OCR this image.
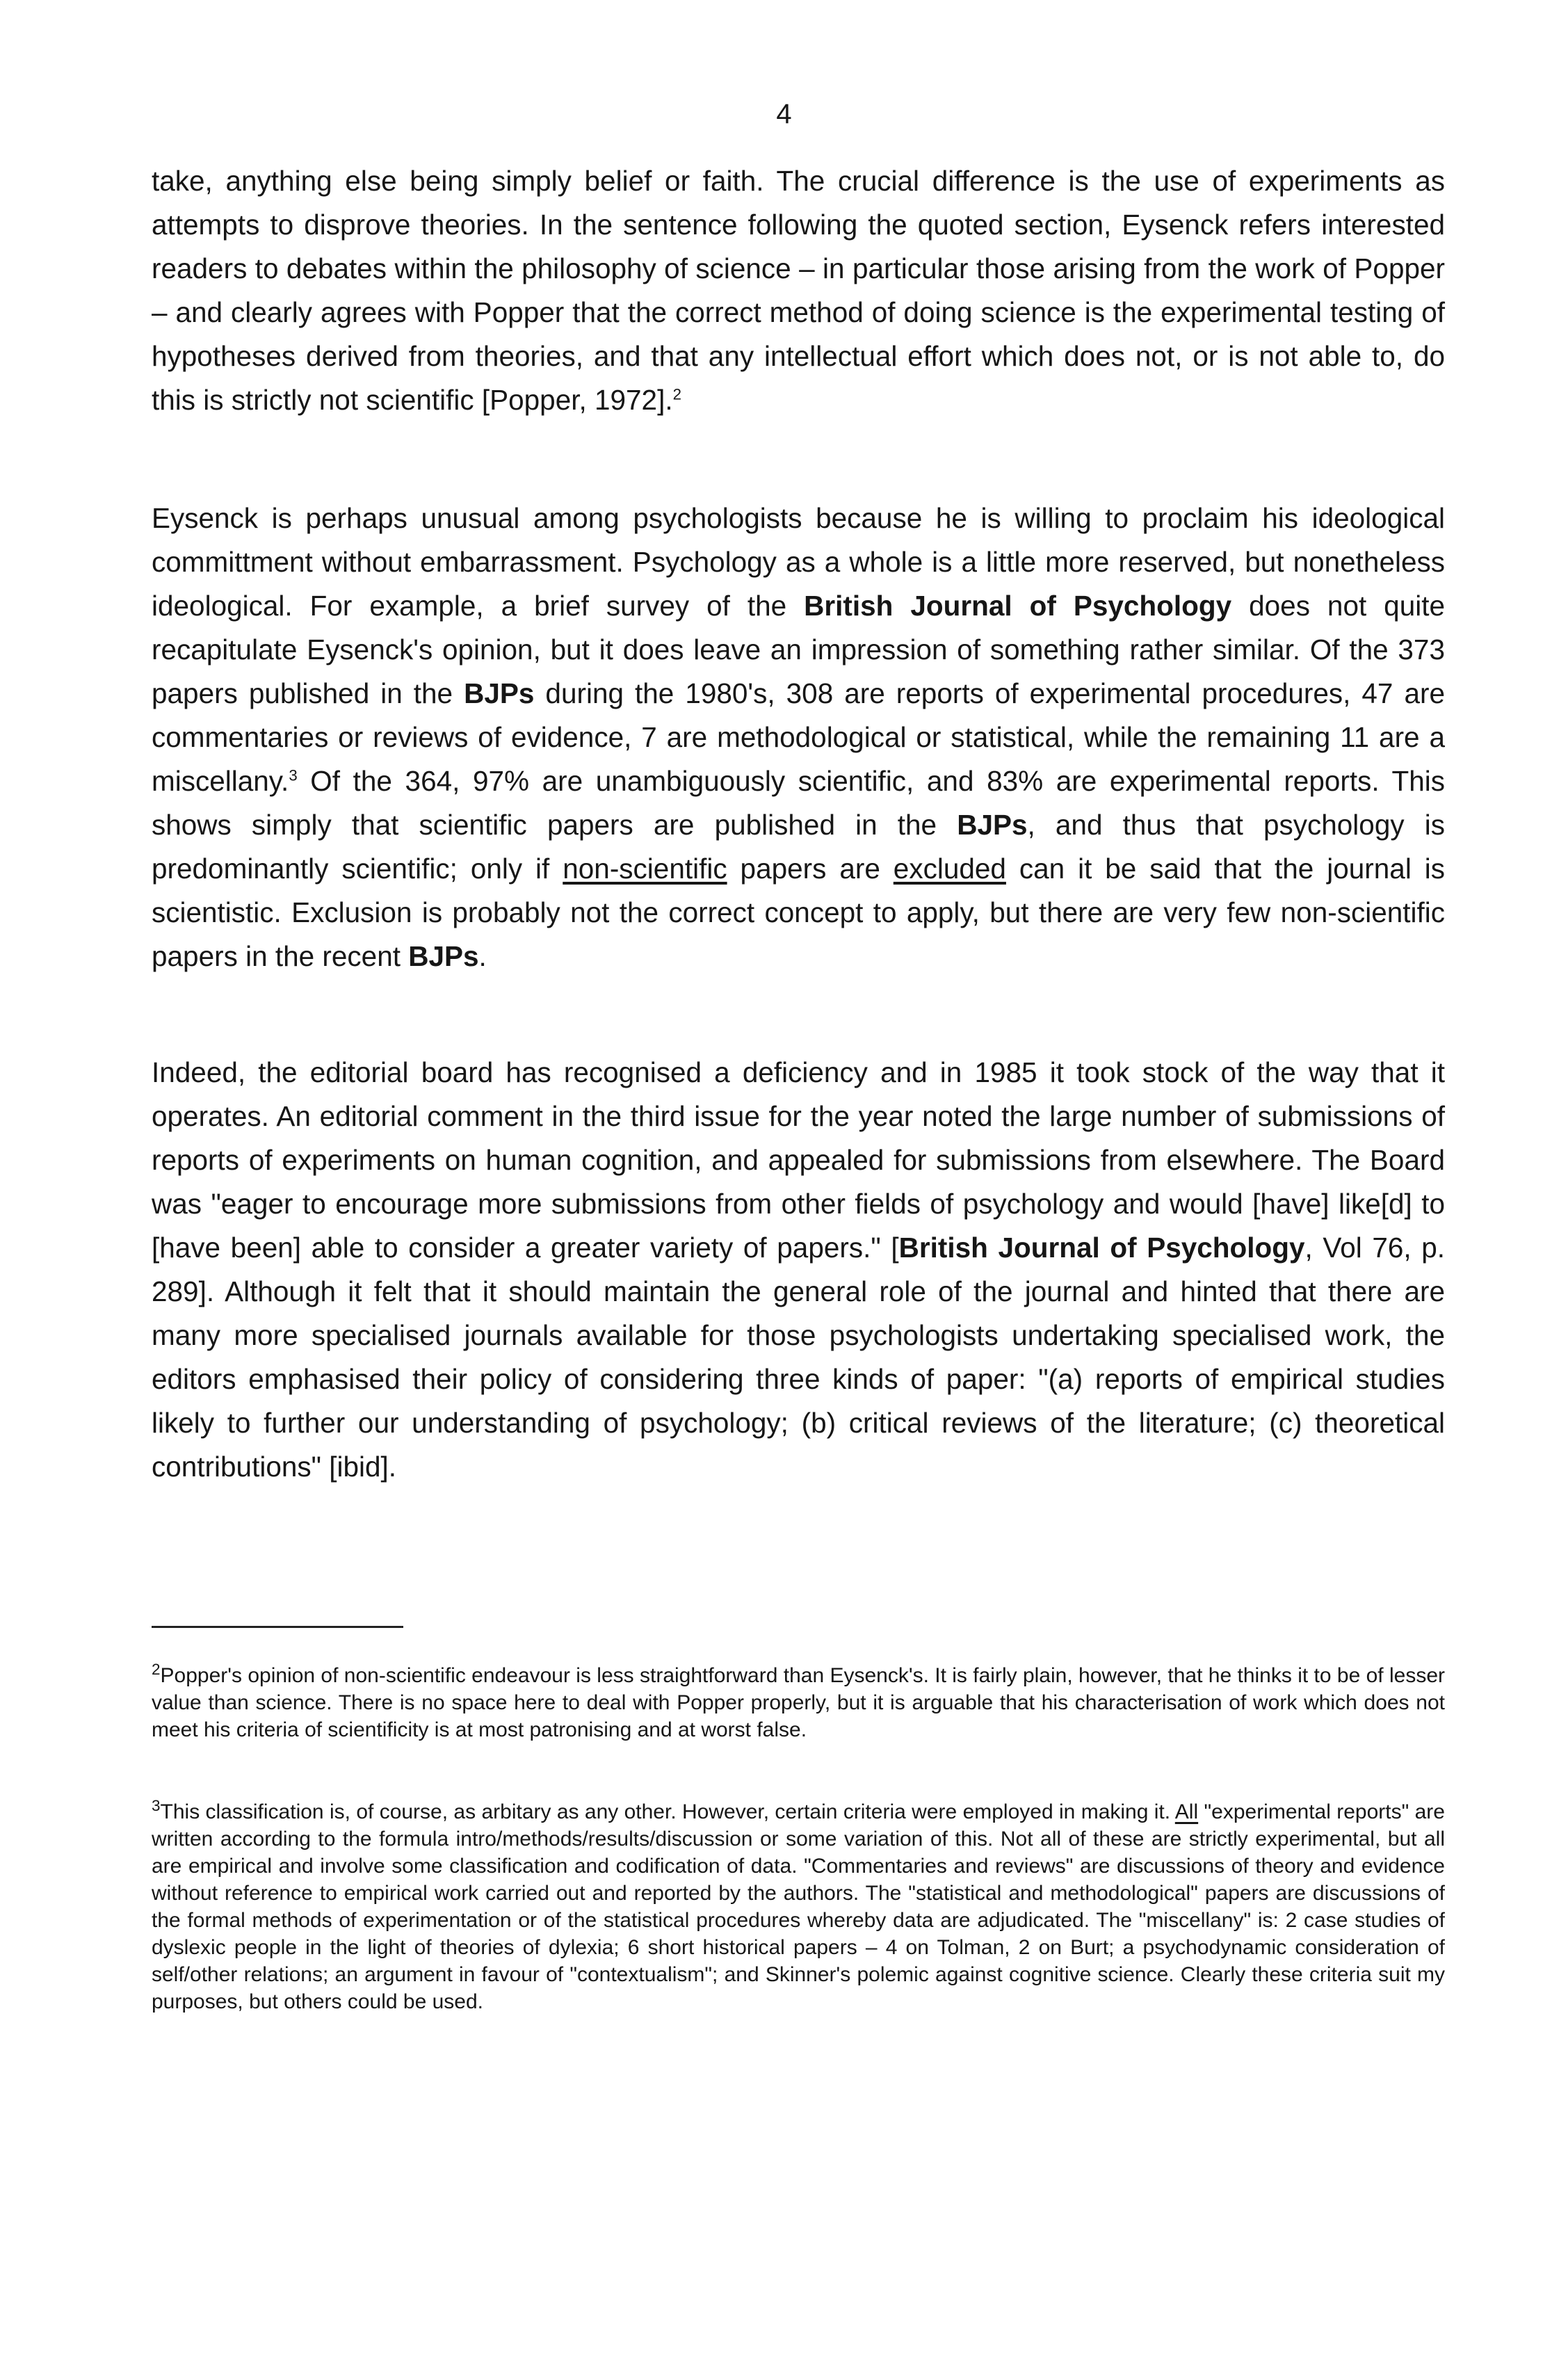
4

take, anything else being simply belief or faith. The crucial difference is the use of experiments as attempts to disprove theories. In the sentence following the quoted section, Eysenck refers interested readers to debates within the philosophy of science – in particular those arising from the work of Popper – and clearly agrees with Popper that the correct method of doing science is the experimental testing of hypotheses derived from theories, and that any intellectual effort which does not, or is not able to, do this is strictly not scientific [Popper, 1972].$^2$

Eysenck is perhaps unusual among psychologists because he is willing to proclaim his ideological committment without embarrassment. Psychology as a whole is a little more reserved, but nonetheless ideological. For example, a brief survey of the British Journal of Psychology does not quite recapitulate Eysenck's opinion, but it does leave an impression of something rather similar. Of the 373 papers published in the BJPs during the 1980's, 308 are reports of experimental procedures, 47 are commentaries or reviews of evidence, 7 are methodological or statistical, while the remaining 11 are a miscellany.$^3$ Of the 364, 97% are unambiguously scientific, and 83% are experimental reports. This shows simply that scientific papers are published in the BJPs, and thus that psychology is predominantly scientific; only if non-scientific papers are excluded can it be said that the journal is scientistic. Exclusion is probably not the correct concept to apply, but there are very few non-scientific papers in the recent BJPs.

Indeed, the editorial board has recognised a deficiency and in 1985 it took stock of the way that it operates. An editorial comment in the third issue for the year noted the large number of submissions of reports of experiments on human cognition, and appealed for submissions from elsewhere. The Board was "eager to encourage more submissions from other fields of psychology and would [have] like[d] to [have been] able to consider a greater variety of papers." [British Journal of Psychology, Vol 76, p. 289]. Although it felt that it should maintain the general role of the journal and hinted that there are many more specialised journals available for those psychologists undertaking specialised work, the editors emphasised their policy of considering three kinds of paper: "(a) reports of empirical studies likely to further our understanding of psychology; (b) critical reviews of the literature; (c) theoretical contributions" [ibid].

$^2$Popper's opinion of non-scientific endeavour is less straightforward than Eysenck's. It is fairly plain, however, that he thinks it to be of lesser value than science. There is no space here to deal with Popper properly, but it is arguable that his characterisation of work which does not meet his criteria of scientificity is at most patronising and at worst false.

$^3$This classification is, of course, as arbitary as any other. However, certain criteria were employed in making it. All "experimental reports" are written according to the formula intro/methods/results/discussion or some variation of this. Not all of these are strictly experimental, but all are empirical and involve some classification and codification of data. "Commentaries and reviews" are discussions of theory and evidence without reference to empirical work carried out and reported by the authors. The "statistical and methodological" papers are discussions of the formal methods of experimentation or of the statistical procedures whereby data are adjudicated. The "miscellany" is: 2 case studies of dyslexic people in the light of theories of dylexia; 6 short historical papers – 4 on Tolman, 2 on Burt; a psychodynamic consideration of self/other relations; an argument in favour of "contextualism"; and Skinner's polemic against cognitive science. Clearly these criteria suit my purposes, but others could be used.
